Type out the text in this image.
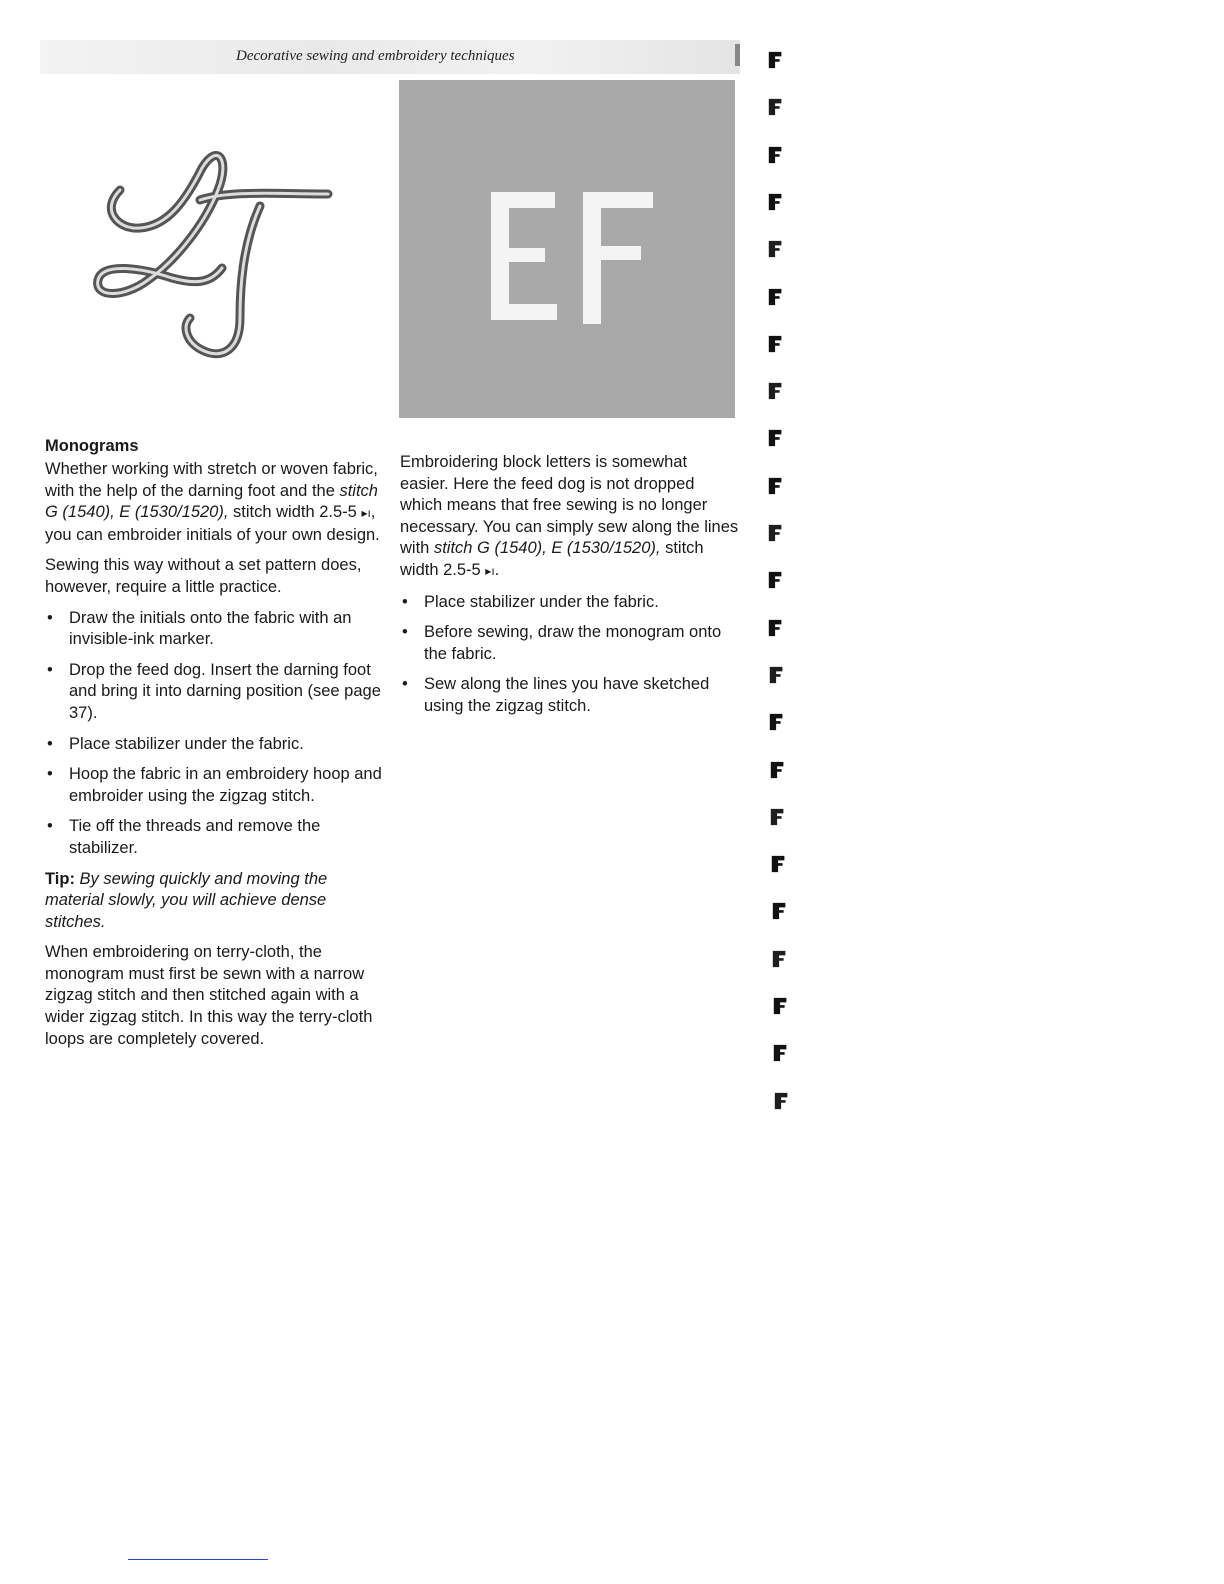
Decorative sewing and embroidery techniques
Monograms

Whether working with stretch or woven fabric, with the help of the darning foot and the stitch G (1540), E (1530/1520), stitch width 2.5-5 ▸ı, you can embroider initials of your own design.

Sewing this way without a set pattern does, however, require a little practice.

• Draw the initials onto the fabric with an invisible-ink marker.
• Drop the feed dog. Insert the darning foot and bring it into darning position (see page 37).
• Place stabilizer under the fabric.
• Hoop the fabric in an embroidery hoop and embroider using the zigzag stitch.
• Tie off the threads and remove the stabilizer.

Tip: By sewing quickly and moving the material slowly, you will achieve dense stitches.

When embroidering on terry-cloth, the monogram must first be sewn with a narrow zigzag stitch and then stitched again with a wider zigzag stitch. In this way the terry-cloth loops are completely covered.

Embroidering block letters is somewhat easier. Here the feed dog is not dropped which means that free sewing is no longer necessary. You can simply sew along the lines with stitch G (1540), E (1530/1520), stitch width 2.5-5 ▸ı.

• Place stabilizer under the fabric.
• Before sewing, draw the monogram onto the fabric.
• Sew along the lines you have sketched using the zigzag stitch.
